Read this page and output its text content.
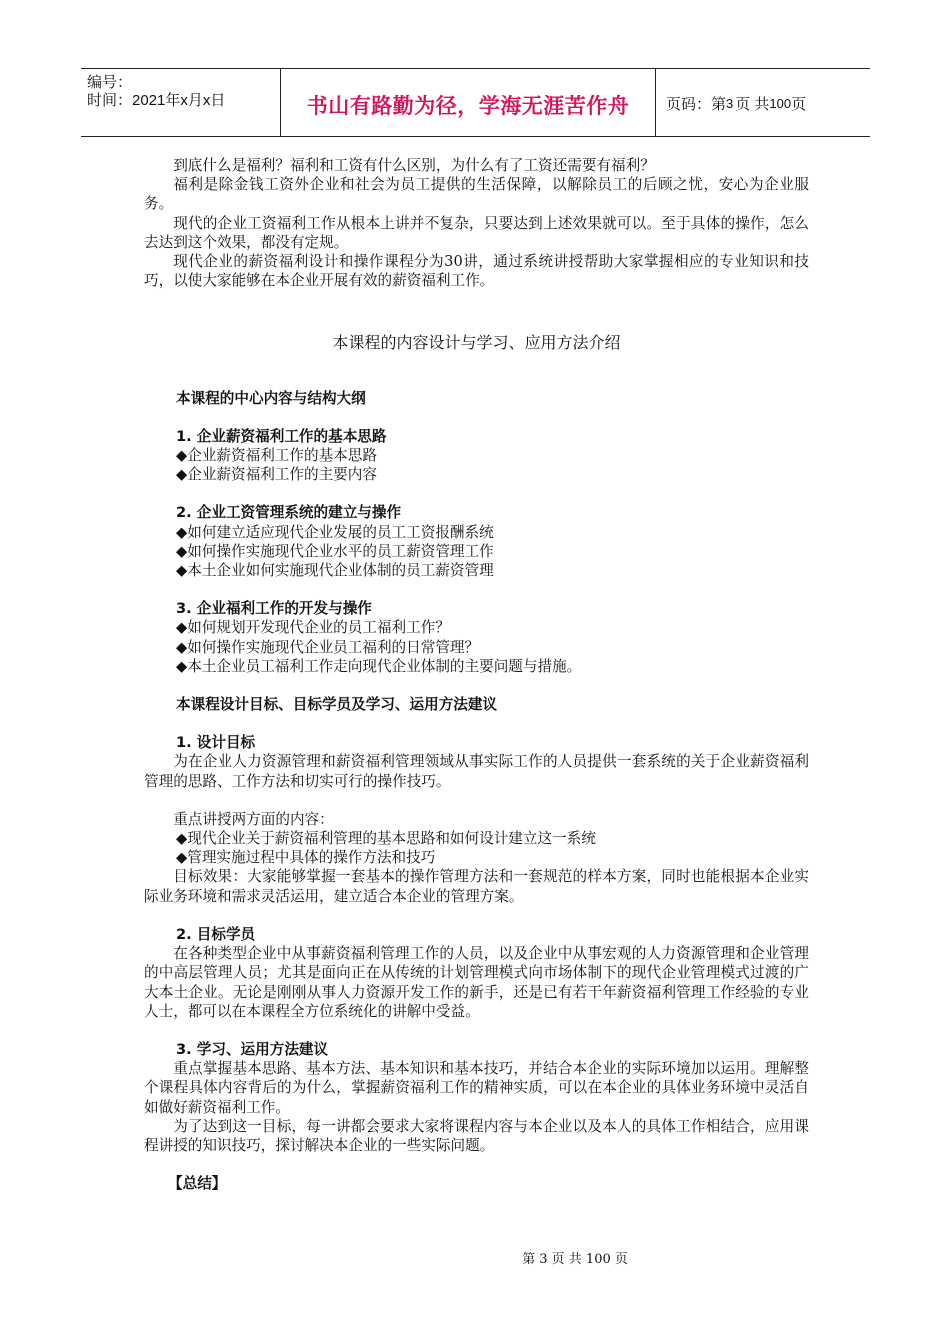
编号：
时间：2021年x月x日	书山有路勤为径，学海无涯苦作舟 页码：第 3 页 共 100 页

到底什么是福利？福利和工资有什么区别，为什么有了工资还需要有福利？

福利是除金钱工资外企业和社会为员工提供的生活保障，以解除员工的后顾之忧，安心为企业服务。

现代的企业工资福利工作从根本上讲并不复杂，只要达到上述效果就可以。至于具体的操作，怎么去达到这个效果，都没有定规。

现代企业的薪资福利设计和操作课程分为30讲，通过系统讲授帮助大家掌握相应的专业知识和技巧，以使大家能够在本企业开展有效的薪资福利工作。

本课程的内容设计与学习、应用方法介绍

本课程的中心内容与结构大纲

1. 企业薪资福利工作的基本思路

◆企业薪资福利工作的基本思路

◆企业薪资福利工作的主要内容

2. 企业工资管理系统的建立与操作

◆如何建立适应现代企业发展的员工工资报酬系统

◆如何操作实施现代企业水平的员工薪资管理工作

◆本土企业如何实施现代企业体制的员工薪资管理

3. 企业福利工作的开发与操作

◆如何规划开发现代企业的员工福利工作？

◆如何操作实施现代企业员工福利的日常管理？

◆本土企业员工福利工作走向现代企业体制的主要问题与措施。

本课程设计目标、目标学员及学习、运用方法建议

1. 设计目标

为在企业人力资源管理和薪资福利管理领域从事实际工作的人员提供一套系统的关于企业薪资福利管理的思路、工作方法和切实可行的操作技巧。

重点讲授两方面的内容：

◆现代企业关于薪资福利管理的基本思路和如何设计建立这一系统

◆管理实施过程中具体的操作方法和技巧

目标效果：大家能够掌握一套基本的操作管理方法和一套规范的样本方案，同时也能根据本企业实际业务环境和需求灵活运用，建立适合本企业的管理方案。

2. 目标学员

在各种类型企业中从事薪资福利管理工作的人员，以及企业中从事宏观的人力资源管理和企业管理的中高层管理人员；尤其是面向正在从传统的计划管理模式向市场体制下的现代企业管理模式过渡的广大本土企业。无论是刚刚从事人力资源开发工作的新手，还是已有若干年薪资福利管理工作经验的专业人士，都可以在本课程全方位系统化的讲解中受益。

3. 学习、运用方法建议

重点掌握基本思路、基本方法、基本知识和基本技巧，并结合本企业的实际环境加以运用。理解整个课程具体内容背后的为什么，掌握薪资福利工作的精神实质，可以在本企业的具体业务环境中灵活自如做好薪资福利工作。

为了达到这一目标，每一讲都会要求大家将课程内容与本企业以及本人的具体工作相结合，应用课程讲授的知识技巧，探讨解决本企业的一些实际问题。

【总结】

第 3 页 共 100 页
